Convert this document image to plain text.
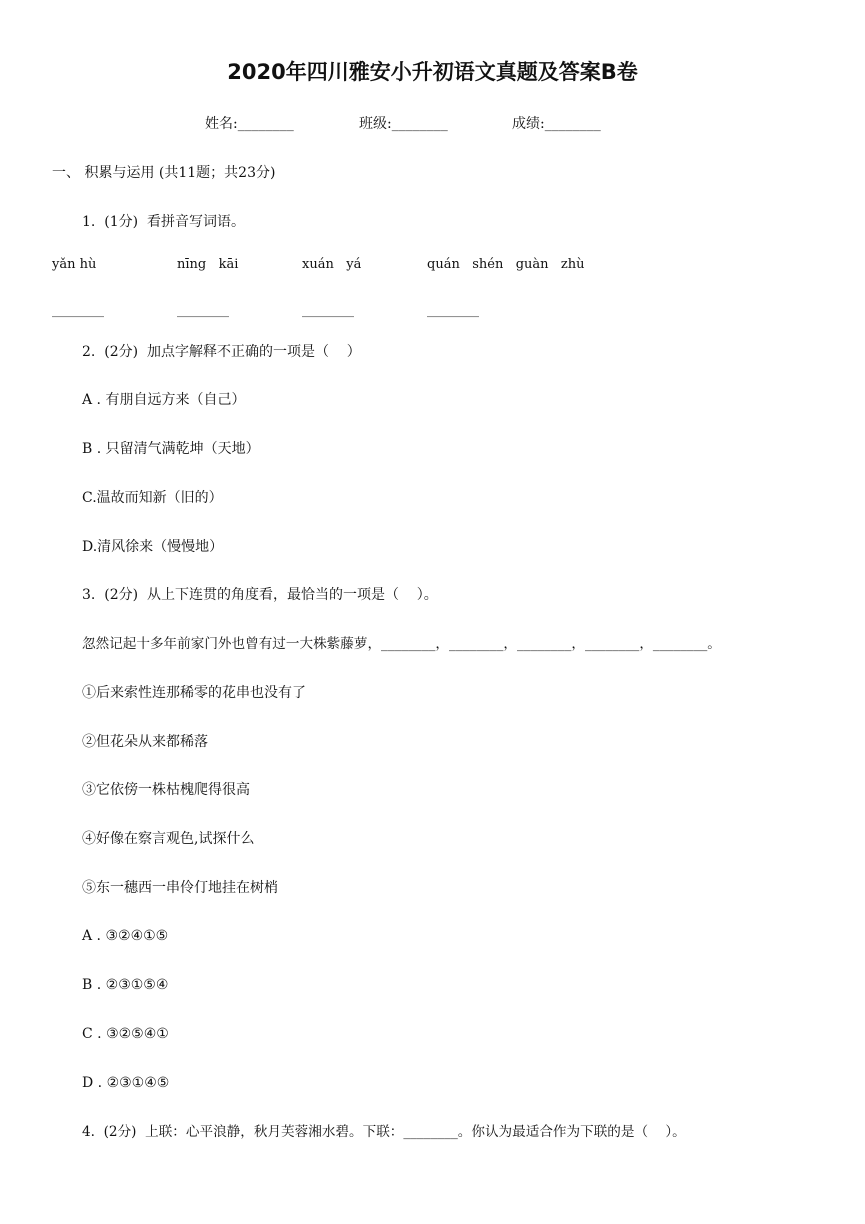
2020年四川雅安小升初语文真题及答案B卷
姓名:________	班级:________	成绩:________
一、 积累与运用 (共11题；共23分)
1.  (1分)  看拼音写词语。
yǎn hù	nīng   kāi	xuán   yá	quán   shén   guàn   zhù
________	________	________	________
2.  (2分)  加点字解释不正确的一项是（    ）
A . 有朋自远方来（自己）
B . 只留清气满乾坤（天地）
C.温故而知新（旧的）
D.清风徐来（慢慢地）
3.  (2分)  从上下连贯的角度看，最恰当的一项是（    ）。
忽然记起十多年前家门外也曾有过一大株紫藤萝，________，________，________，________，________。
①后来索性连那稀零的花串也没有了
②但花朵从来都稀落
③它依傍一株枯槐爬得很高
④好像在察言观色,试探什么
⑤东一穗西一串伶仃地挂在树梢
A . ③②④①⑤
B . ②③①⑤④
C . ③②⑤④①
D . ②③①④⑤
4.  (2分)  上联：心平浪静，秋月芙蓉湘水碧。下联：________。你认为最适合作为下联的是（    ）。
